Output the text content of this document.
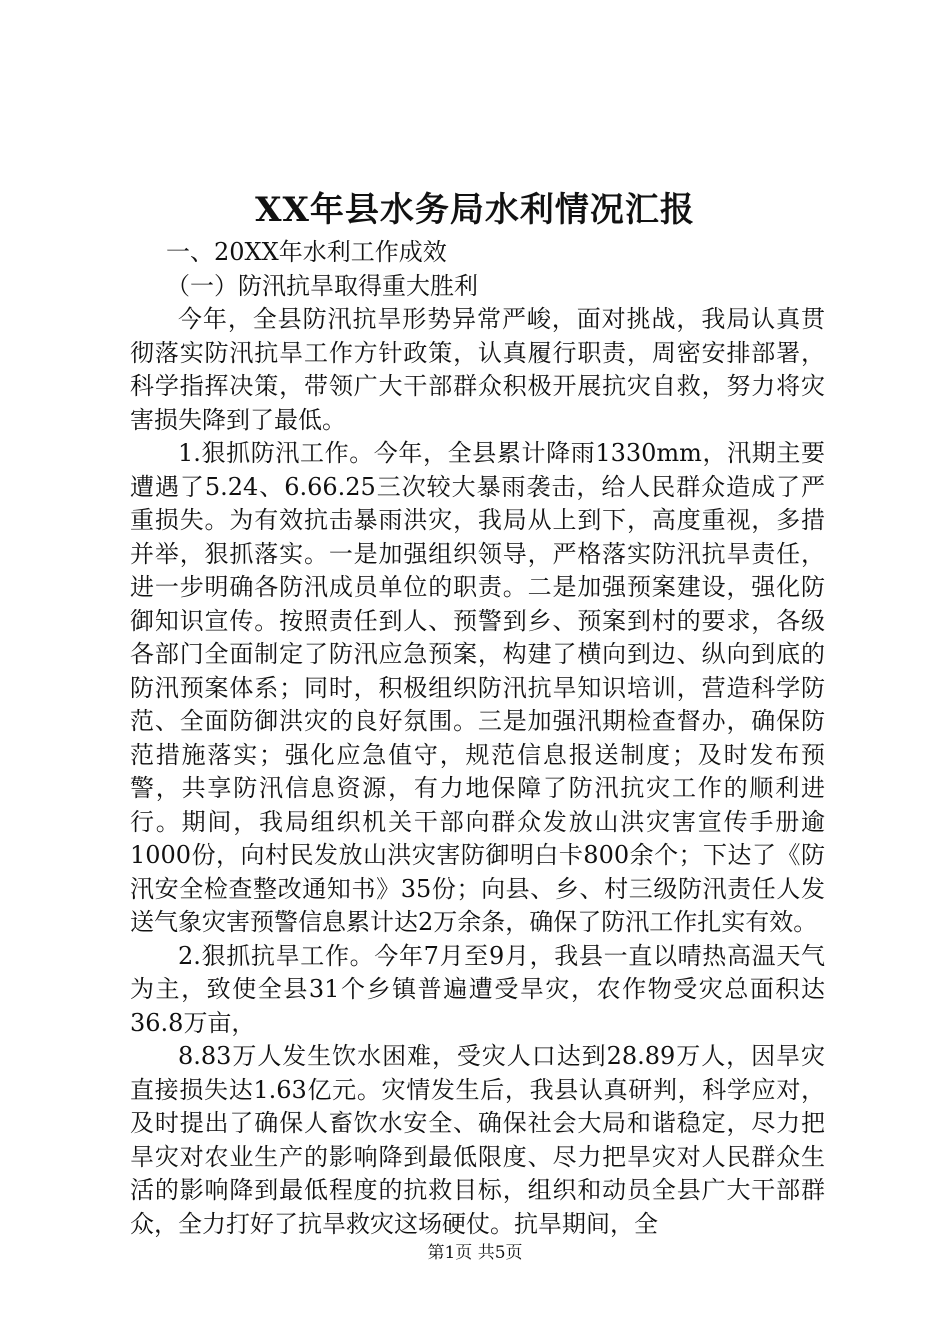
XX年县水务局水利情况汇报

一、20XX年水利工作成效

（一）防汛抗旱取得重大胜利

今年，全县防汛抗旱形势异常严峻，面对挑战，我局认真贯彻落实防汛抗旱工作方针政策，认真履行职责，周密安排部署，科学指挥决策，带领广大干部群众积极开展抗灾自救，努力将灾害损失降到了最低。

1.狠抓防汛工作。今年，全县累计降雨1330mm，汛期主要遭遇了5.24、6.66.25三次较大暴雨袭击，给人民群众造成了严重损失。为有效抗击暴雨洪灾，我局从上到下，高度重视，多措并举，狠抓落实。一是加强组织领导，严格落实防汛抗旱责任，进一步明确各防汛成员单位的职责。二是加强预案建设，强化防御知识宣传。按照责任到人、预警到乡、预案到村的要求，各级各部门全面制定了防汛应急预案，构建了横向到边、纵向到底的防汛预案体系；同时，积极组织防汛抗旱知识培训，营造科学防范、全面防御洪灾的良好氛围。三是加强汛期检查督办，确保防范措施落实；强化应急值守，规范信息报送制度；及时发布预警，共享防汛信息资源，有力地保障了防汛抗灾工作的顺利进行。期间，我局组织机关干部向群众发放山洪灾害宣传手册逾1000份，向村民发放山洪灾害防御明白卡800余个；下达了《防汛安全检查整改通知书》35份；向县、乡、村三级防汛责任人发送气象灾害预警信息累计达2万余条，确保了防汛工作扎实有效。

2.狠抓抗旱工作。今年7月至9月，我县一直以晴热高温天气为主，致使全县31个乡镇普遍遭受旱灾，农作物受灾总面积达36.8万亩，

8.83万人发生饮水困难，受灾人口达到28.89万人，因旱灾直接损失达1.63亿元。灾情发生后，我县认真研判，科学应对，及时提出了确保人畜饮水安全、确保社会大局和谐稳定，尽力把旱灾对农业生产的影响降到最低限度、尽力把旱灾对人民群众生活的影响降到最低程度的抗救目标，组织和动员全县广大干部群众，全力打好了抗旱救灾这场硬仗。抗旱期间，全

第1页 共5页
